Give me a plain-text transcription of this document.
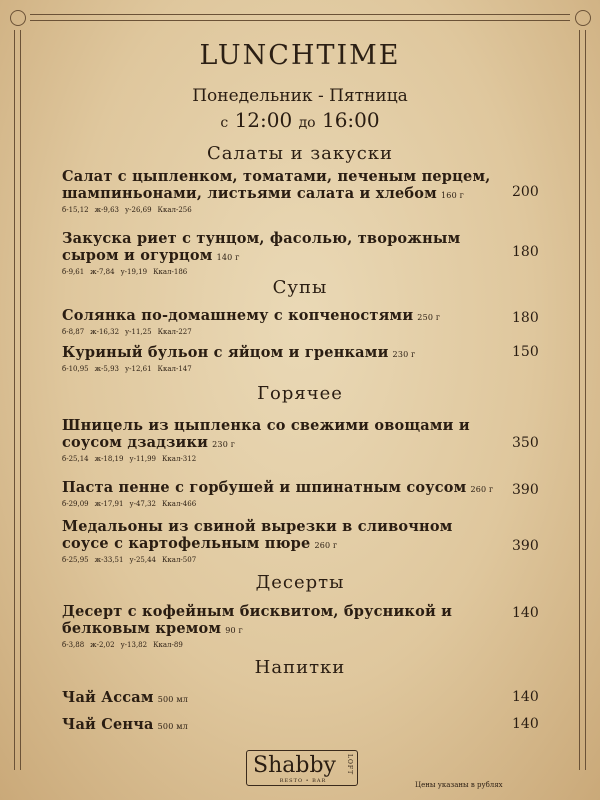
LUNCHTIME
Понедельник - Пятница
с 12:00 до 16:00
Салаты и закуски
Салат с цыпленком, томатами, печеным перцем, шампиньонами, листьями салата и хлебом 160 г
б-15,12 ж-9,63 у-26,69 Ккал-256
200
Закуска риет с тунцом, фасолью, творожным сыром и огурцом 140 г
б-9,61 ж-7,84 у-19,19 Ккал-186
180
Супы
Солянка по-домашнему с копченостями 250 г
б-8,87 ж-16,32 у-11,25 Ккал-227
180
Куриный бульон с яйцом и гренками 230 г
б-10,95 ж-5,93 у-12,61 Ккал-147
150
Горячее
Шницель из цыпленка со свежими овощами и соусом дзадзики 230 г
б-25,14 ж-18,19 у-11,99 Ккал-312
350
Паста пенне с горбушей и шпинатным соусом 260 г
б-29,09 ж-17,91 у-47,32 Ккал-466
390
Медальоны из свиной вырезки в сливочном соусе с картофельным пюре 260 г
б-25,95 ж-33,51 у-25,44 Ккал-507
390
Десерты
Десерт с кофейным бисквитом, брусникой и белковым кремом 90 г
б-3,88 ж-2,02 у-13,82 Ккал-89
140
Напитки
Чай Ассам 500 мл	140
Чай Сенча 500 мл	140
Shabby LOFT
RESTO • BAR	Цены указаны в рублях
